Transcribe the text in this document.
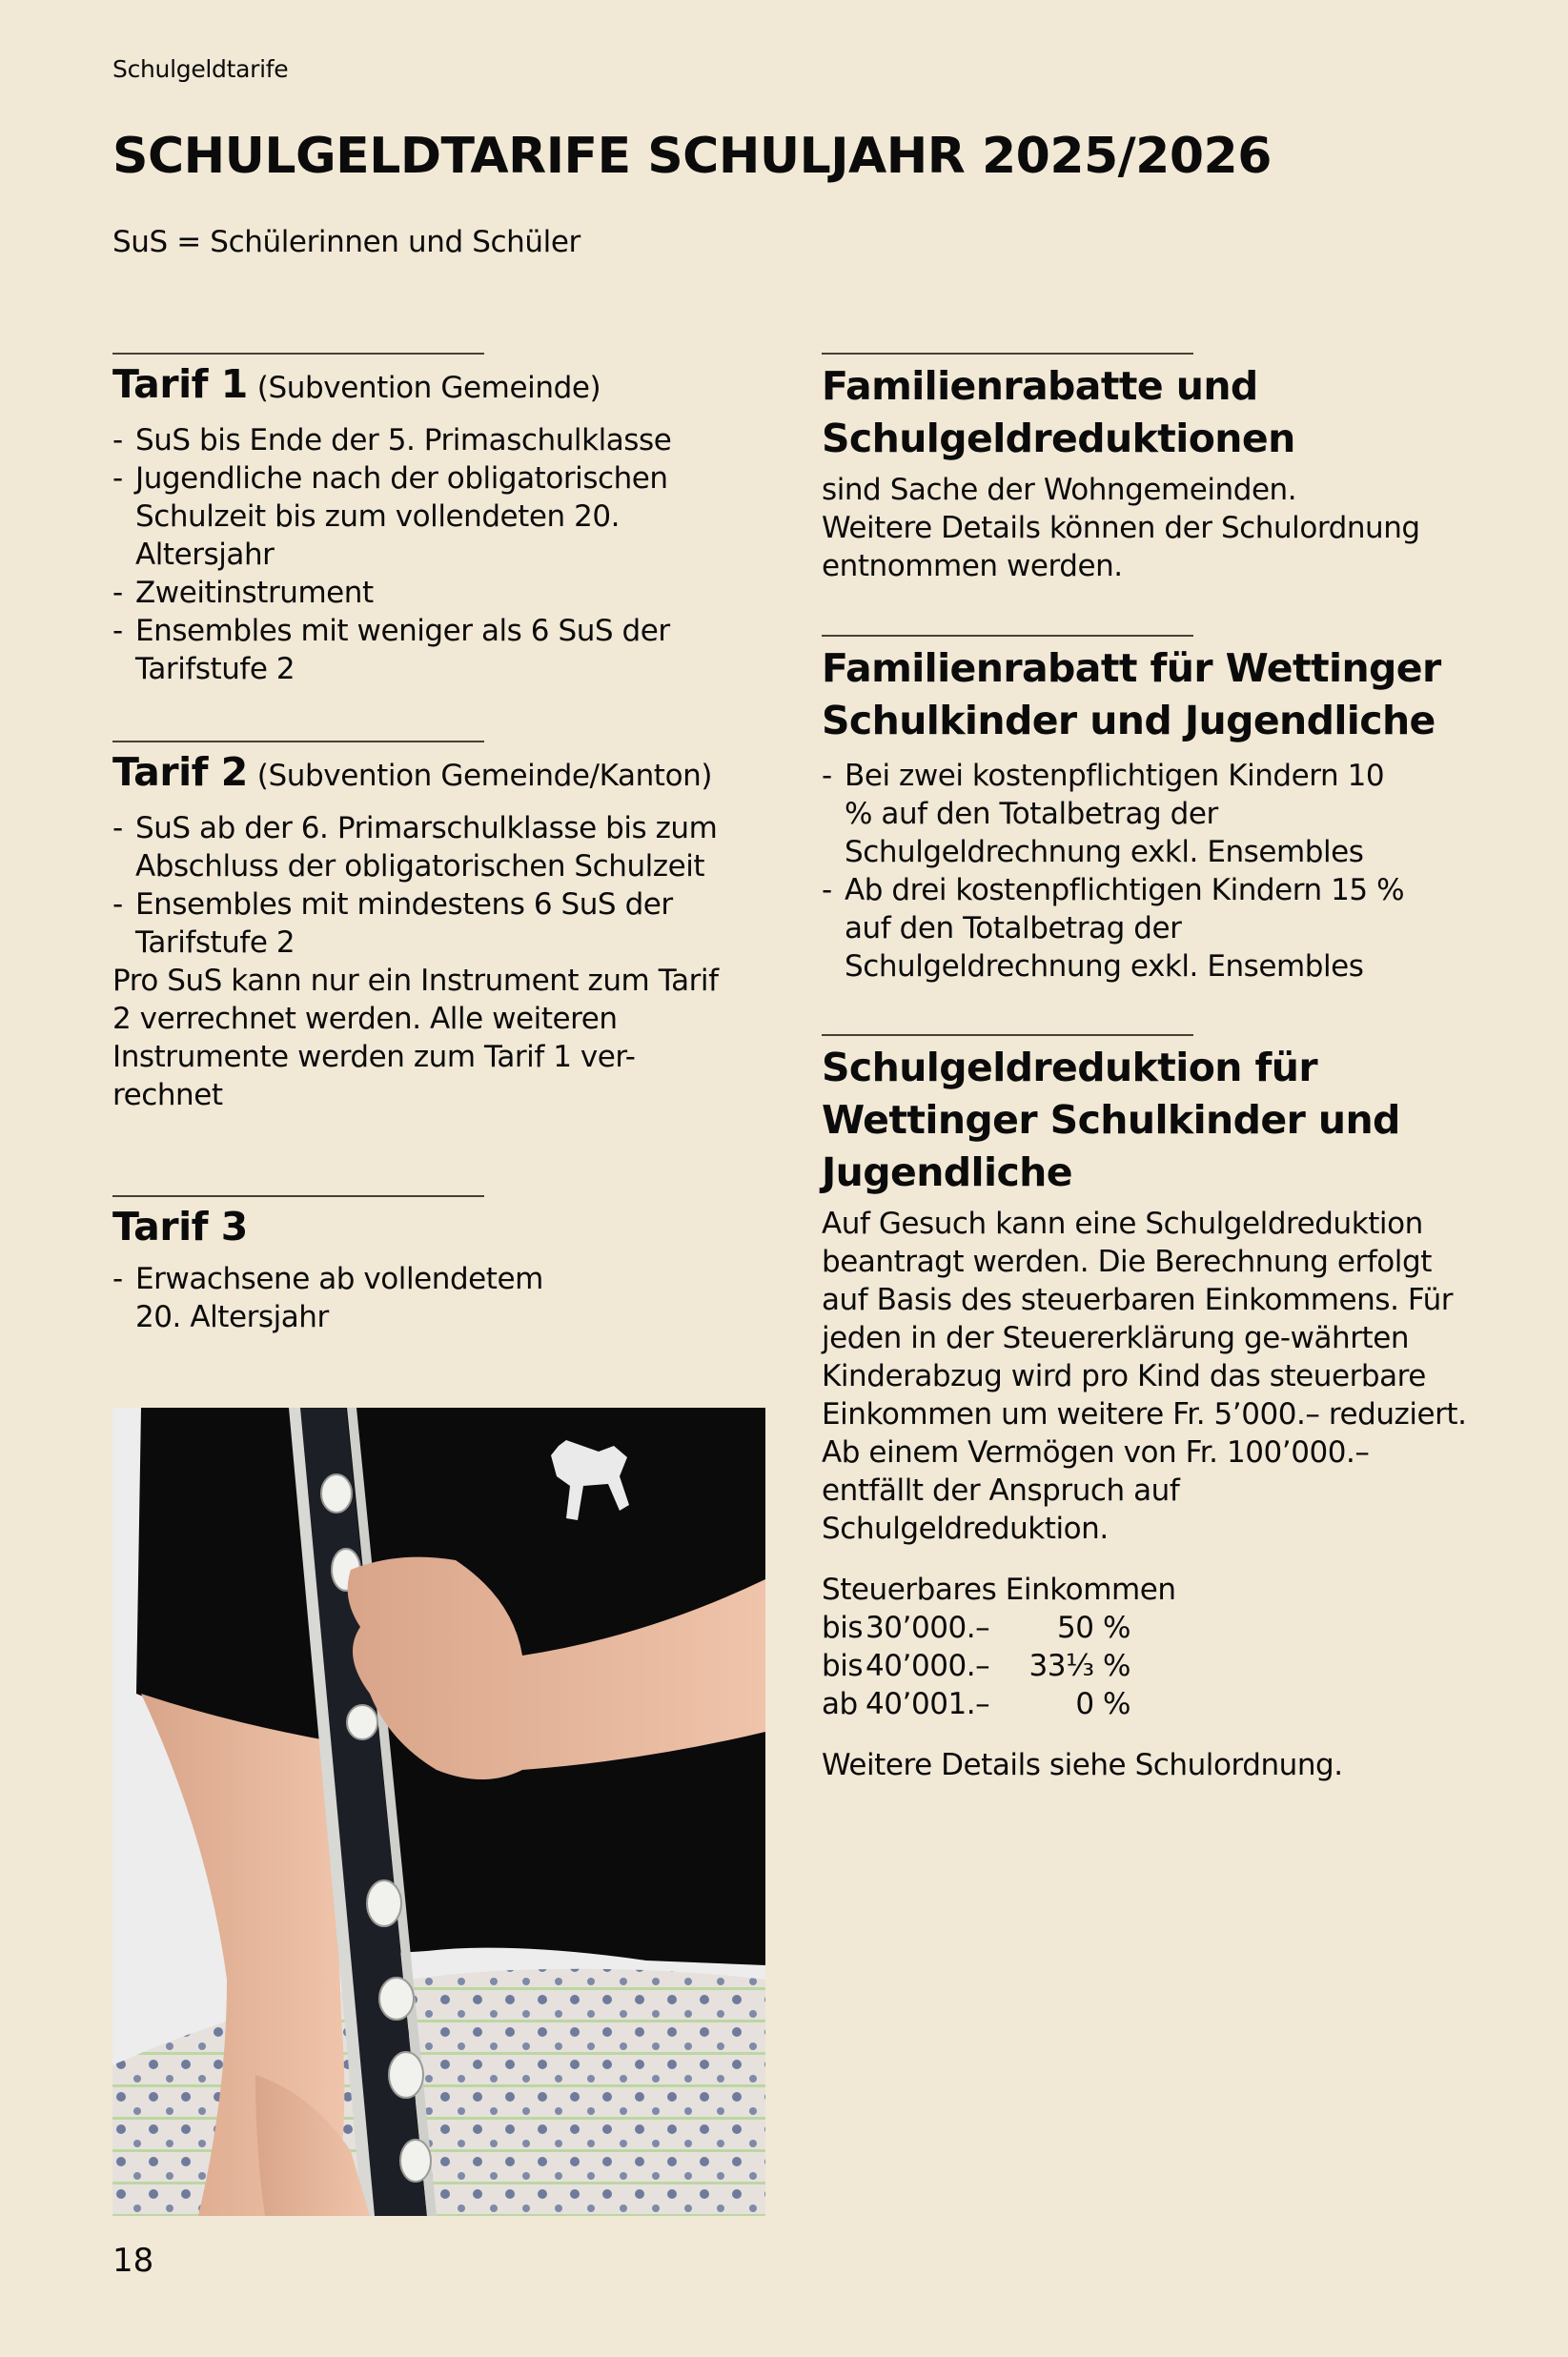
Schulgeldtarife
SCHULGELDTARIFE SCHULJAHR 2025/2026
SuS = Schülerinnen und Schüler
Tarif 1 (Subvention Gemeinde)
- SuS bis Ende der 5. Primaschulklasse
- Jugendliche nach der obligatorischen Schulzeit bis zum vollendeten 20. Altersjahr
- Zweitinstrument
- Ensembles mit weniger als 6 SuS der Tarifstufe 2
Tarif 2 (Subvention Gemeinde/Kanton)
- SuS ab der 6. Primarschulklasse bis zum Abschluss der obligatorischen Schulzeit
- Ensembles mit mindestens 6 SuS der Tarifstufe 2

Pro SuS kann nur ein Instrument zum Tarif 2 verrechnet werden. Alle weiteren Instrumente werden zum Tarif 1 ver-rechnet

Tarif 3
- Erwachsene ab vollendetem 20. Altersjahr
Familienrabatte und Schulgeldreduktionen

sind Sache der Wohngemeinden.

Weitere Details können der Schulordnung entnommen werden.

Familienrabatt für Wettinger Schulkinder und Jugendliche
- Bei zwei kostenpflichtigen Kindern 10 % auf den Totalbetrag der Schulgeldrechnung exkl. Ensembles
- Ab drei kostenpflichtigen Kindern 15 % auf den Totalbetrag der Schulgeldrechnung exkl. Ensembles
Schulgeldreduktion für Wettinger Schulkinder und Jugendliche

Auf Gesuch kann eine Schulgeldreduktion beantragt werden. Die Berechnung erfolgt auf Basis des steuerbaren Einkommens. Für jeden in der Steuererklärung ge-währten Kinderabzug wird pro Kind das steuerbare Einkommen um weitere Fr. 5’000.– reduziert. Ab einem Vermögen von Fr. 100’000.– entfällt der Anspruch auf Schulgeldreduktion.

Steuerbares Einkommen

bis	30’000.–	50 %
bis	40’000.–	33⅓ %
ab	40’001.–	0 %

Weitere Details siehe Schulordnung.

18
